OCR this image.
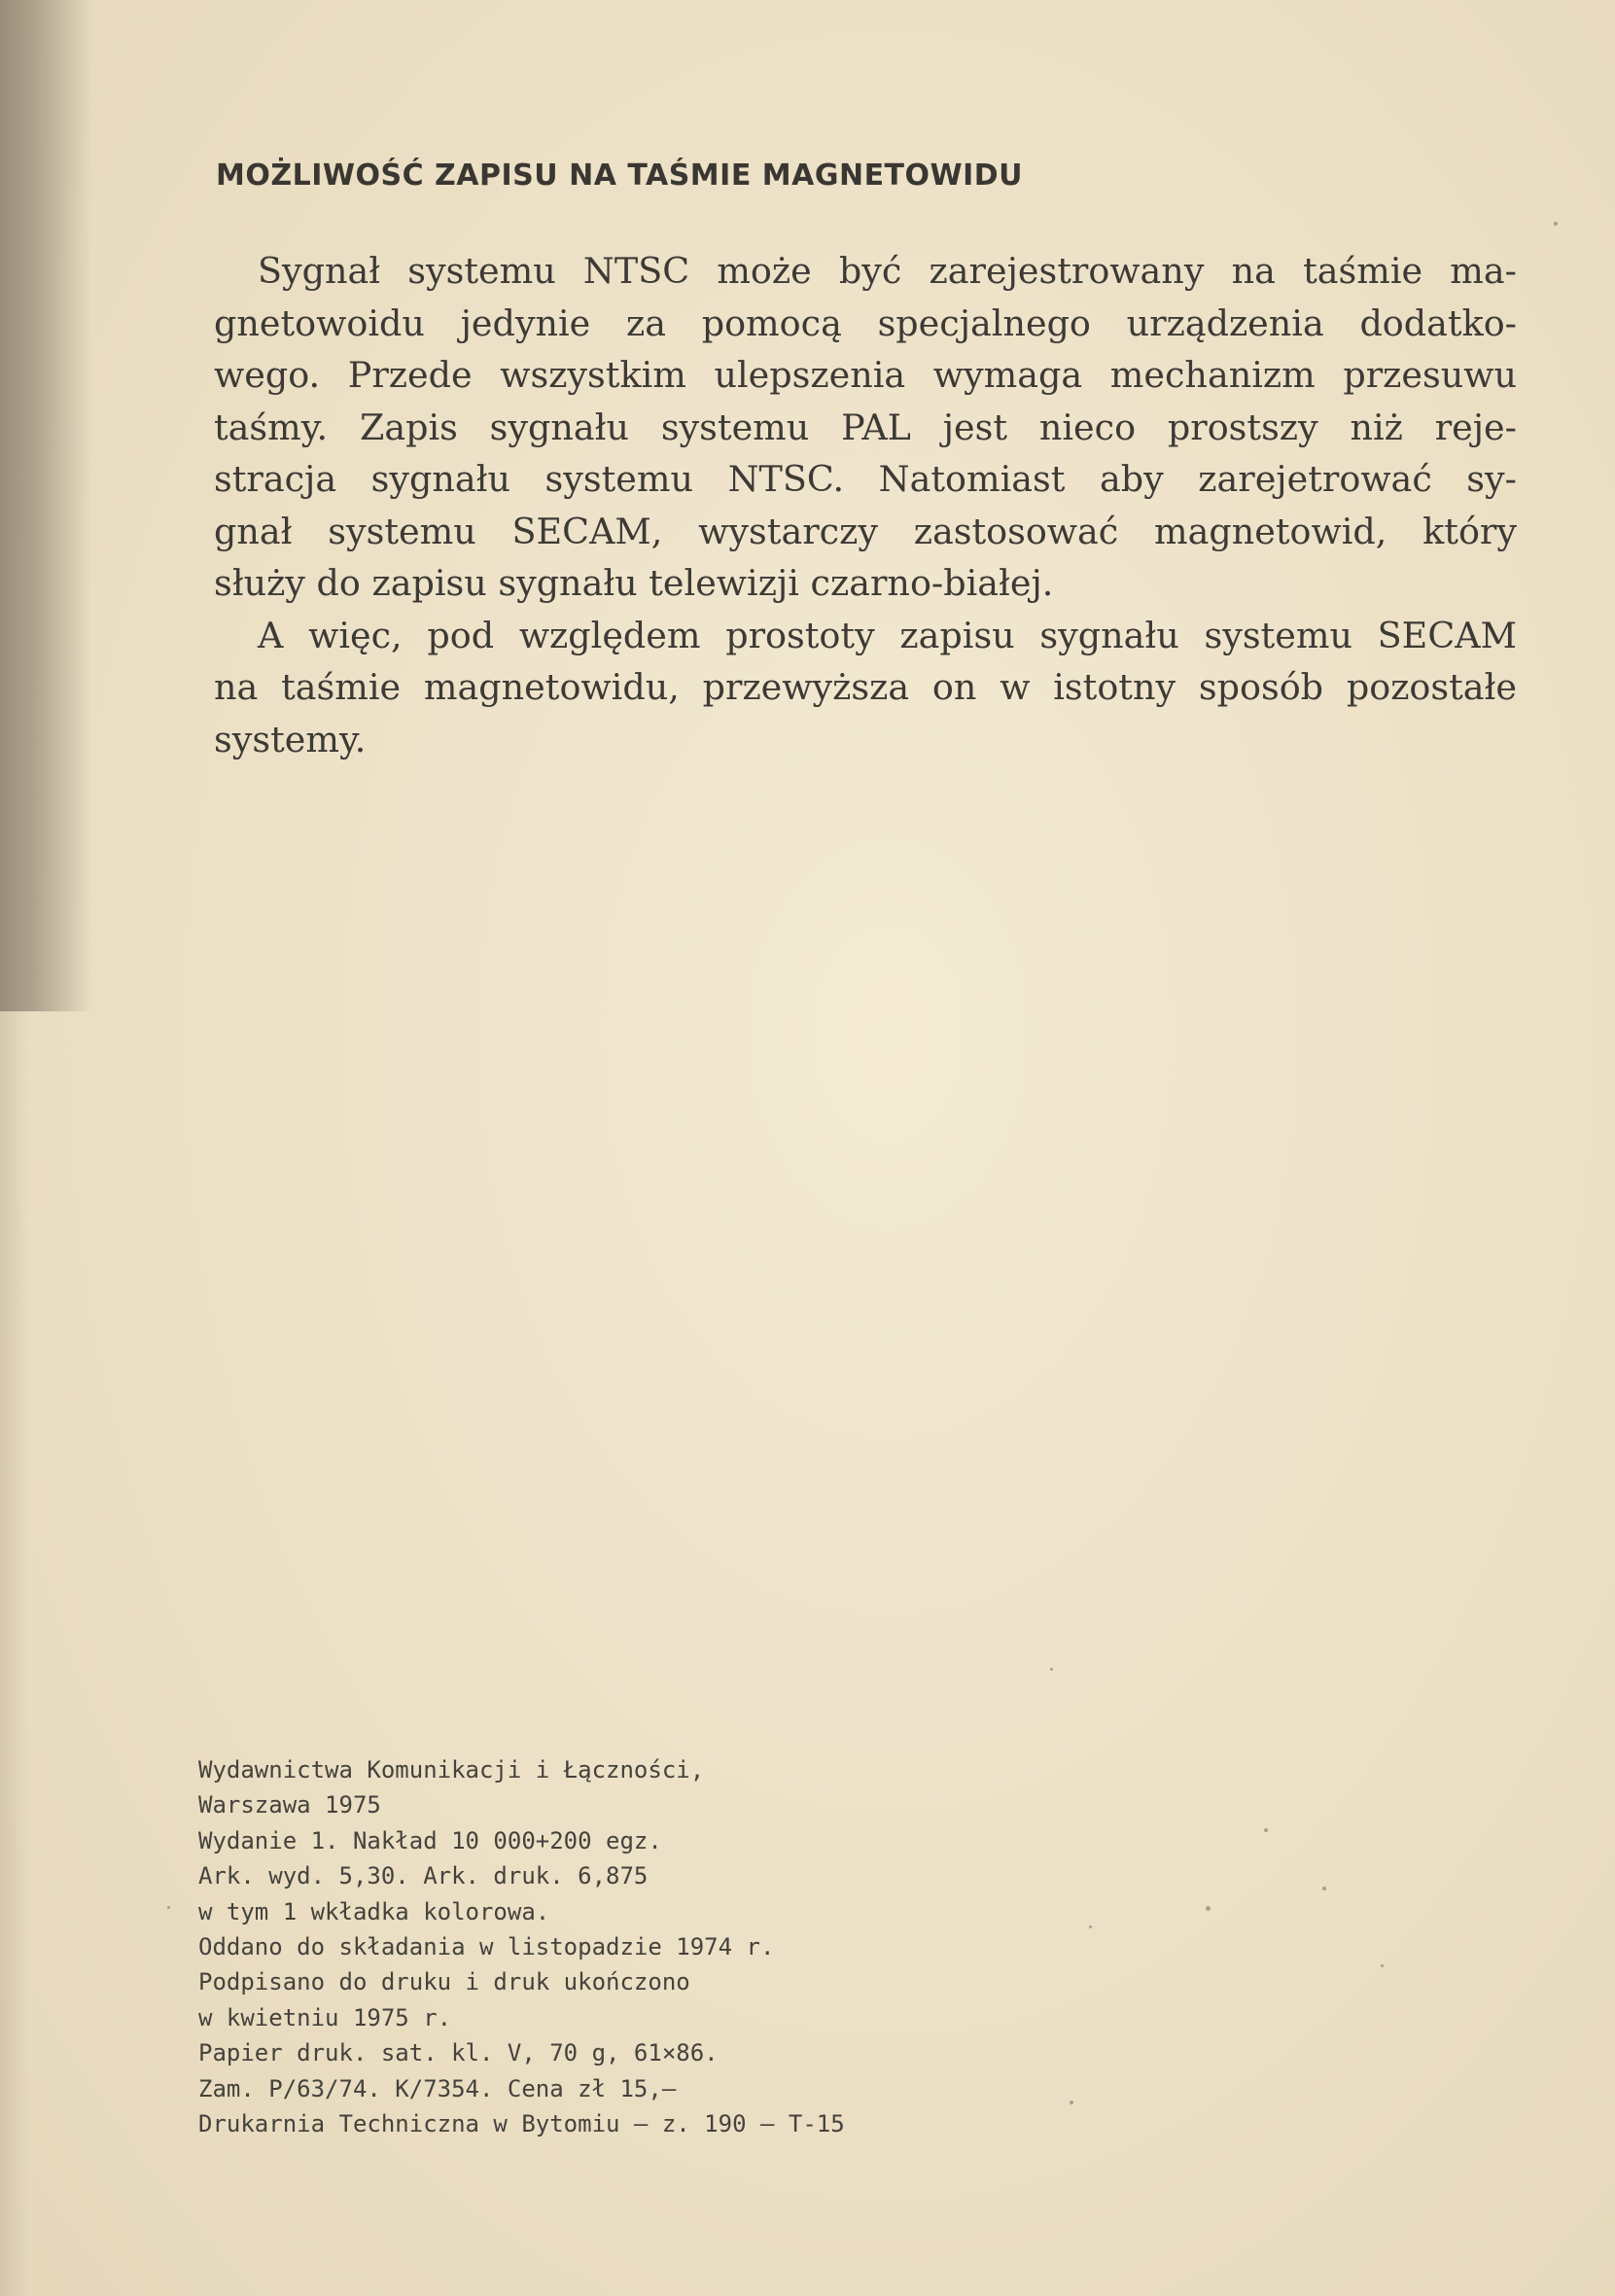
MOŻLIWOŚĆ ZAPISU NA TAŚMIE MAGNETOWIDU
Sygnał systemu NTSC może być zarejestrowany na taśmie ma-
gnetowoidu jedynie za pomocą specjalnego urządzenia dodatko-
wego. Przede wszystkim ulepszenia wymaga mechanizm przesuwu
taśmy. Zapis sygnału systemu PAL jest nieco prostszy niż reje-
stracja sygnału systemu NTSC. Natomiast aby zarejetrować sy-
gnał systemu SECAM, wystarczy zastosować magnetowid, który
służy do zapisu sygnału telewizji czarno-białej.
A więc, pod względem prostoty zapisu sygnału systemu SECAM
na taśmie magnetowidu, przewyższa on w istotny sposób pozostałe
systemy.
Wydawnictwa Komunikacji i Łączności,
Warszawa 1975
Wydanie 1. Nakład 10 000+200 egz.
Ark. wyd. 5,30. Ark. druk. 6,875
w tym 1 wkładka kolorowa.
Oddano do składania w listopadzie 1974 r.
Podpisano do druku i druk ukończono
w kwietniu 1975 r.
Papier druk. sat. kl. V, 70 g, 61×86.
Zam. P/63/74. K/7354. Cena zł 15,—
Drukarnia Techniczna w Bytomiu — z. 190 — T-15
